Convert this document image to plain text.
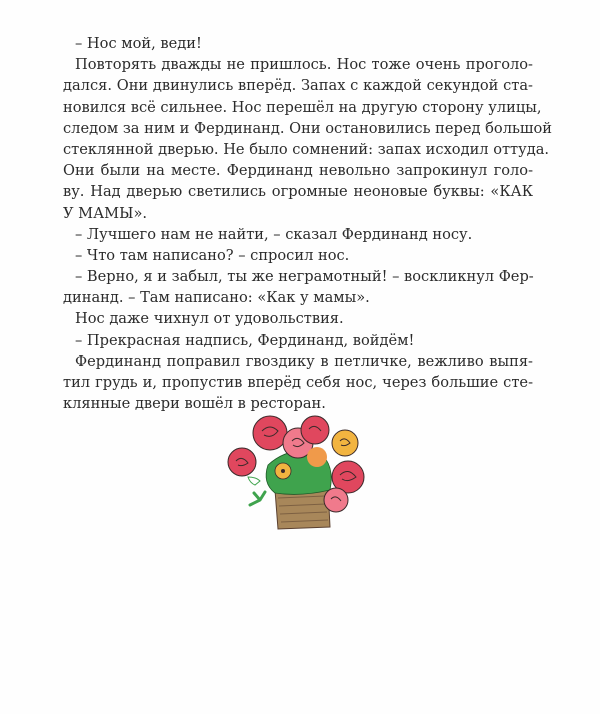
– Нос мой, веди!
Повторять дважды не пришлось. Нос тоже очень проголо-
дался. Они двинулись вперёд. Запах с каждой секундой ста-
новился всё сильнее. Нос перешёл на другую сторону улицы,
следом за ним и Фердинанд. Они остановились перед большой
стеклянной дверью. Не было сомнений: запах исходил оттуда.
Они были на месте. Фердинанд невольно запрокинул голо-
ву. Над дверью светились огромные неоновые буквы: «КАК
У МАМЫ».
– Лучшего нам не найти, – сказал Фердинанд носу.
– Что там написано? – спросил нос.
– Верно, я и забыл, ты же неграмотный! – воскликнул Фер-
динанд. – Там написано: «Как у мамы».
Нос даже чихнул от удовольствия.
– Прекрасная надпись, Фердинанд, войдём!
Фердинанд поправил гвоздику в петличке, вежливо выпя-
тил грудь и, пропустив вперёд себя нос, через большие сте-
клянные двери вошёл в ресторан.
